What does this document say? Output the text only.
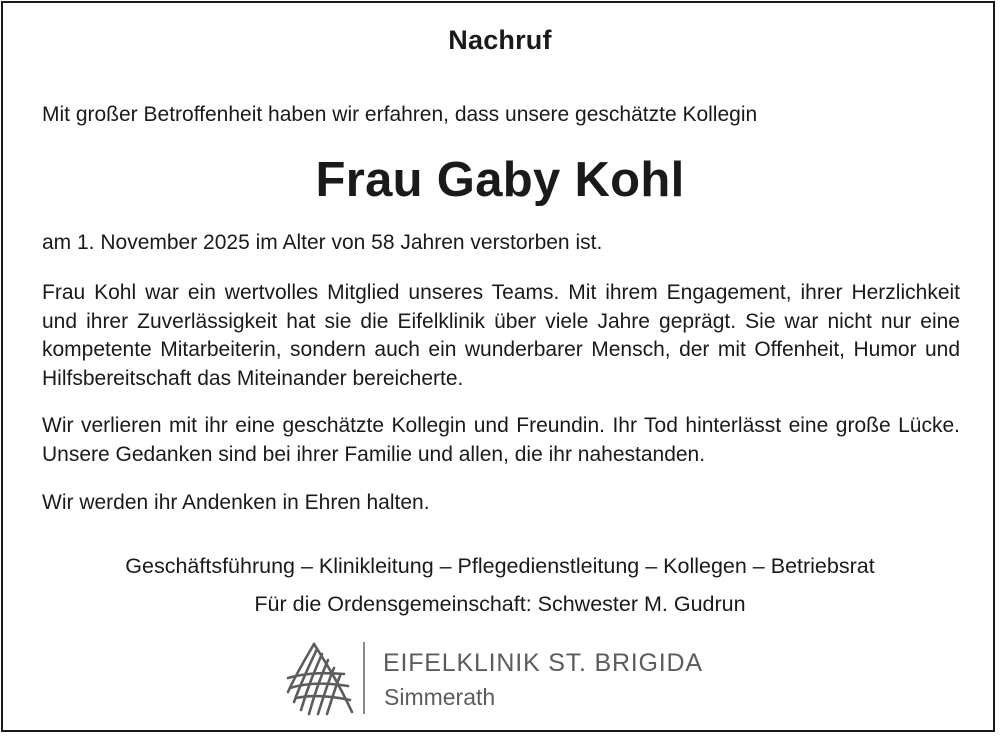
Nachruf
Mit großer Betroffenheit haben wir erfahren, dass unsere geschätzte Kollegin
Frau Gaby Kohl
am 1. November 2025 im Alter von 58 Jahren verstorben ist.

Frau Kohl war ein wertvolles Mitglied unseres Teams. Mit ihrem Engagement, ihrer Herzlichkeit und ihrer Zuverlässigkeit hat sie die Eifelklinik über viele Jahre geprägt. Sie war nicht nur eine kompetente Mitarbeiterin, sondern auch ein wunderbarer Mensch, der mit Offenheit, Humor und Hilfsbereitschaft das Miteinander bereicherte.

Wir verlieren mit ihr eine geschätzte Kollegin und Freundin. Ihr Tod hinterlässt eine große Lücke. Unsere Gedanken sind bei ihrer Familie und allen, die ihr nahestanden.

Wir werden ihr Andenken in Ehren halten.
Geschäftsführung – Klinikleitung – Pflegedienstleitung – Kollegen – Betriebsrat
Für die Ordensgemeinschaft: Schwester M. Gudrun
EIFELKLINIK ST. BRIGIDA
Simmerath
